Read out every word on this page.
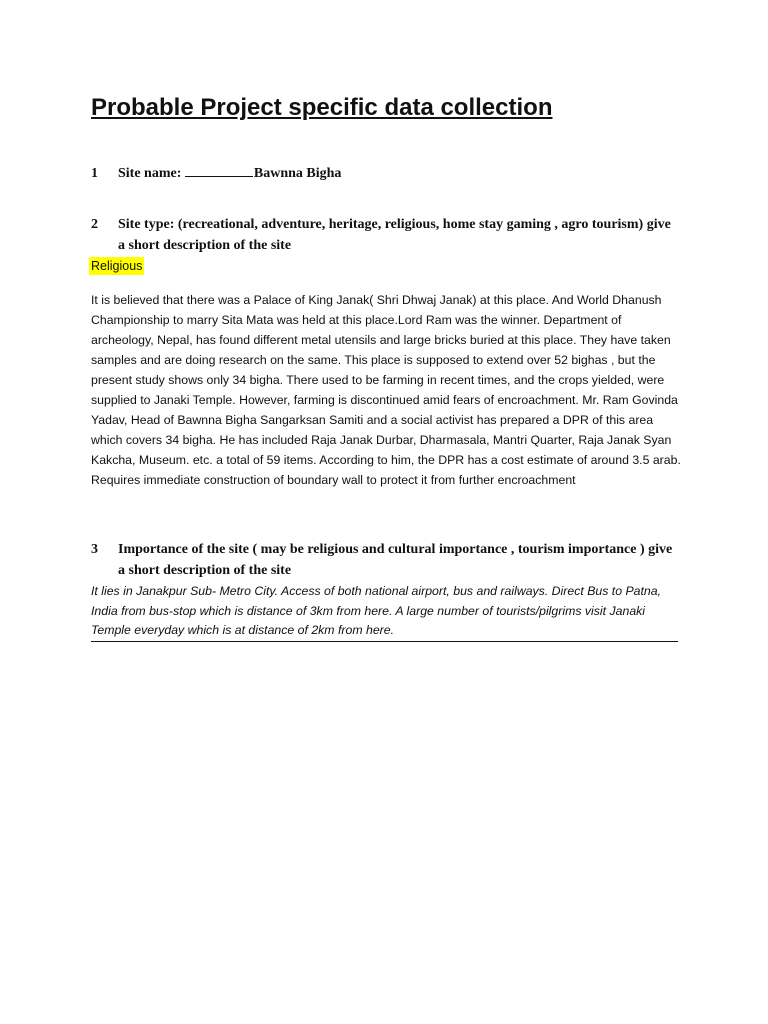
Probable Project specific data collection
1	Site name:	Bawnna Bigha
2	Site type: (recreational, adventure, heritage, religious, home stay gaming , agro tourism) give a short description of the site
Religious

It is believed that there was a Palace of King Janak( Shri Dhwaj Janak) at this place. And World Dhanush Championship to marry Sita Mata was held at this place.Lord Ram was the winner. Department of archeology, Nepal, has found different metal utensils and large bricks buried at this place. They have taken samples and are doing research on the same. This place is supposed to extend over 52 bighas , but the present study shows only 34 bigha. There used to be farming in recent times, and the crops yielded, were supplied to Janaki Temple. However, farming is discontinued amid fears of encroachment. Mr. Ram Govinda Yadav, Head of Bawnna Bigha Sangarksan Samiti and a social activist has prepared a DPR of this area which covers 34 bigha. He has included Raja Janak Durbar, Dharmasala, Mantri Quarter, Raja Janak Syan Kakcha, Museum. etc. a total of 59 items. According to him, the DPR has a cost estimate of around 3.5 arab. Requires immediate construction of boundary wall to protect it from further encroachment

3	Importance of the site ( may be religious and cultural importance , tourism importance ) give a short description of the site

It lies in Janakpur Sub- Metro City. Access of both national airport, bus and railways. Direct Bus to Patna, India from bus-stop which is distance of 3km from here. A large number of tourists/pilgrims visit Janaki Temple everyday which is at distance of 2km from here.
